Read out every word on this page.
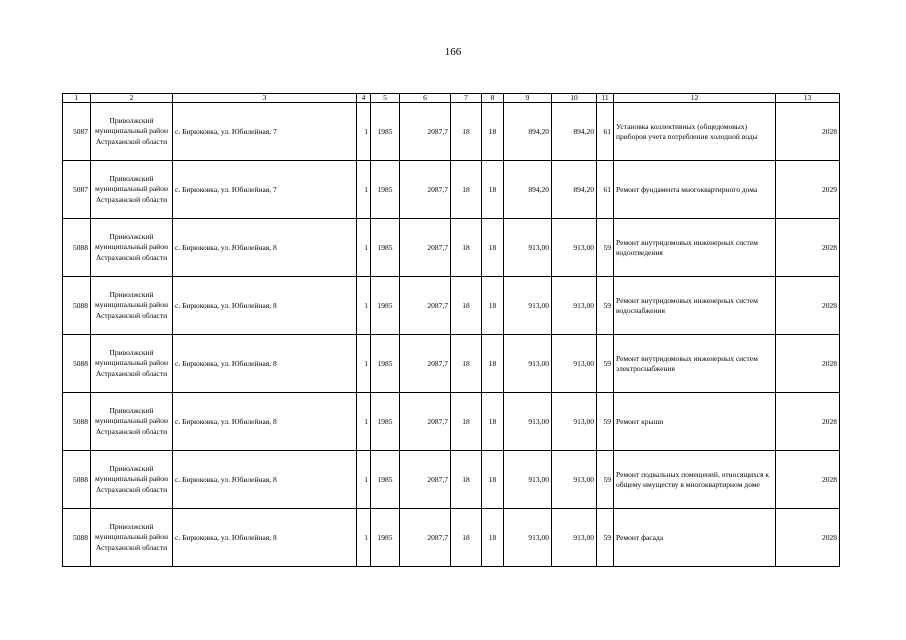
166
1	2	3	4	5	6	7	8	9	10	11	12	13
5087	Приволжский муниципальный район Астраханской области	с. Бирюковка, ул. Юбилейная, 7	1	1985	2087,7	18	18	894,20	894,20	61	Установка коллективных (общедомовых) приборов учета потребления холодной воды	2028
5087	Приволжский муниципальный район Астраханской области	с. Бирюковка, ул. Юбилейная, 7	1	1985	2087,7	18	18	894,20	894,20	61	Ремонт фундамента многоквартирного дома	2029
5088	Приволжский муниципальный район Астраханской области	с. Бирюковка, ул. Юбилейная, 8	1	1985	2087,7	18	18	913,00	913,00	59	Ремонт внутридомовых инженерных систем водоотведения	2028
5088	Приволжский муниципальный район Астраханской области	с. Бирюковка, ул. Юбилейная, 8	1	1985	2087,7	18	18	913,00	913,00	59	Ремонт внутридомовых инженерных систем водоснабжения	2028
5088	Приволжский муниципальный район Астраханской области	с. Бирюковка, ул. Юбилейная, 8	1	1985	2087,7	18	18	913,00	913,00	59	Ремонт внутридомовых инженерных систем электроснабжения	2028
5088	Приволжский муниципальный район Астраханской области	с. Бирюковка, ул. Юбилейная, 8	1	1985	2087,7	18	18	913,00	913,00	59	Ремонт крыши	2028
5088	Приволжский муниципальный район Астраханской области	с. Бирюковка, ул. Юбилейная, 8	1	1985	2087,7	18	18	913,00	913,00	59	Ремонт подвальных помещений, относящихся к общему имуществу в многоквартирном доме	2028
5088	Приволжский муниципальный район Астраханской области	с. Бирюковка, ул. Юбилейная, 8	1	1985	2087,7	18	18	913,00	913,00	59	Ремонт фасада	2028
